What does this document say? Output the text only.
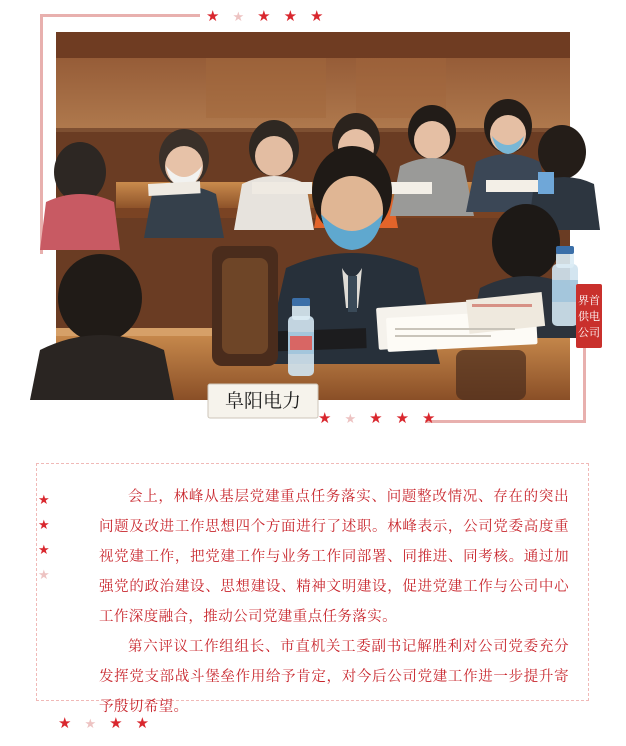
★ ★ ★ ★ ★
阜阳电力
界首
供电
公司
★ ★ ★ ★ ★

会上，林峰从基层党建重点任务落实、问题整改情况、存在的突出问题及改进工作思想四个方面进行了述职。林峰表示，公司党委高度重视党建工作，把党建工作与业务工作同部署、同推进、同考核。通过加强党的政治建设、思想建设、精神文明建设，促进党建工作与公司中心工作深度融合，推动公司党建重点任务落实。

第六评议工作组组长、市直机关工委副书记解胜利对公司党委充分发挥党支部战斗堡垒作用给予肯定，对今后公司党建工作进一步提升寄予殷切希望。

★
★
★
★
★ ★ ★ ★
